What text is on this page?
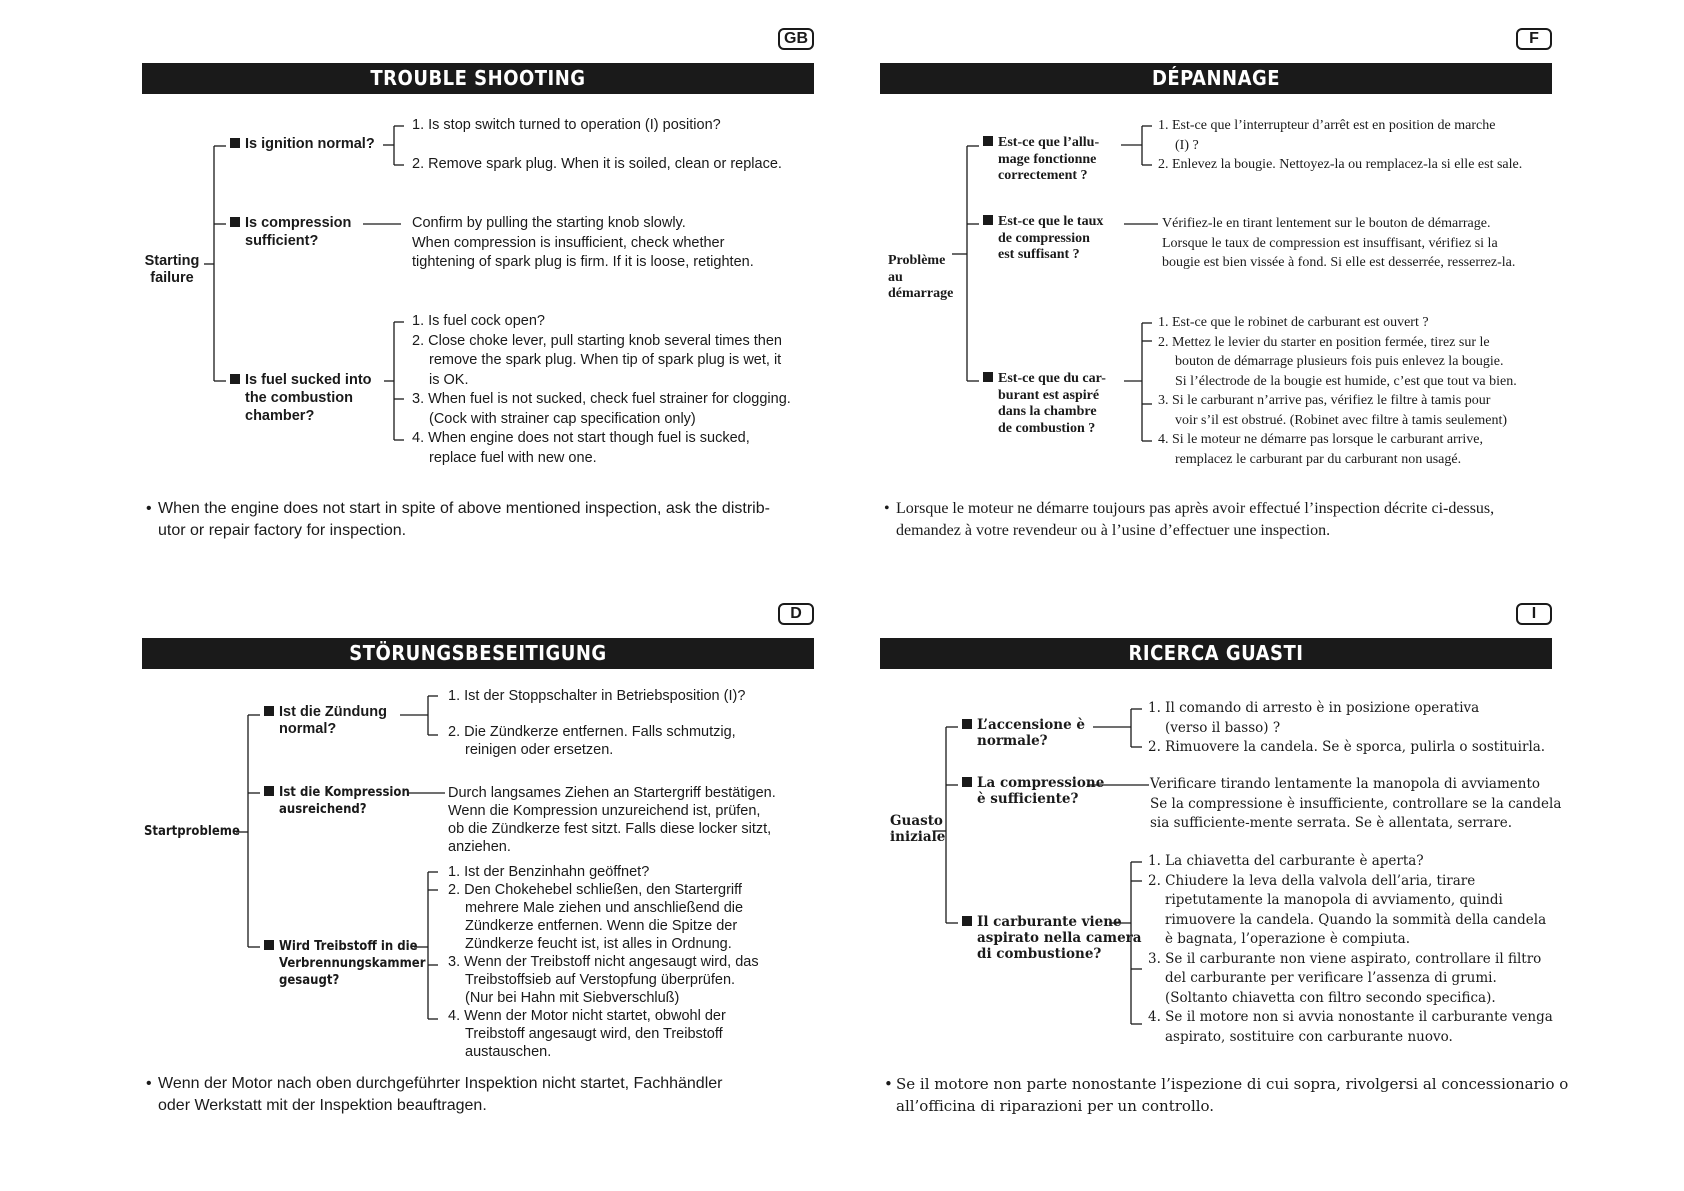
GB
TROUBLE SHOOTING
Starting
failure
Is ignition normal?
1. Is stop switch turned to operation (I) position?
2. Remove spark plug. When it is soiled, clean or replace.
Is compression
sufficient?
Confirm by pulling the starting knob slowly.
When compression is insufficient, check whether
tightening of spark plug is firm. If it is loose, retighten.
Is fuel sucked into
the combustion
chamber?
1. Is fuel cock open?
2. Close choke lever, pull starting knob several times then
remove the spark plug. When tip of spark plug is wet, it
is OK.
3. When fuel is not sucked, check fuel strainer for clogging.
(Cock with strainer cap specification only)
4. When engine does not start though fuel is sucked,
replace fuel with new one.
• When the engine does not start in spite of above mentioned inspection, ask the distrib-
utor or repair factory for inspection.
F
DÉPANNAGE
Problème
au
démarrage
Est-ce que l’allu-
mage fonctionne
correctement ?
1. Est-ce que l’interrupteur d’arrêt est en position de marche
(I) ?
2. Enlevez la bougie. Nettoyez-la ou remplacez-la si elle est sale.
Est-ce que le taux
de compression
est suffisant ?
Vérifiez-le en tirant lentement sur le bouton de démarrage.
Lorsque le taux de compression est insuffisant, vérifiez si la
bougie est bien vissée à fond. Si elle est desserrée, resserrez-la.
Est-ce que du car-
burant est aspiré
dans la chambre
de combustion ?
1. Est-ce que le robinet de carburant est ouvert ?
2. Mettez le levier du starter en position fermée, tirez sur le
bouton de démarrage plusieurs fois puis enlevez la bougie.
Si l’électrode de la bougie est humide, c’est que tout va bien.
3. Si le carburant n’arrive pas, vérifiez le filtre à tamis pour
voir s’il est obstrué. (Robinet avec filtre à tamis seulement)
4. Si le moteur ne démarre pas lorsque le carburant arrive,
remplacez le carburant par du carburant non usagé.
• Lorsque le moteur ne démarre toujours pas après avoir effectué l’inspection décrite ci-dessus,
demandez à votre revendeur ou à l’usine d’effectuer une inspection.
D
STÖRUNGSBESEITIGUNG
Startprobleme
Ist die Zündung
normal?
1. Ist der Stoppschalter in Betriebsposition (I)?
2. Die Zündkerze entfernen. Falls schmutzig,
reinigen oder ersetzen.
Ist die Kompression
ausreichend?
Durch langsames Ziehen an Startergriff bestätigen.
Wenn die Kompression unzureichend ist, prüfen,
ob die Zündkerze fest sitzt. Falls diese locker sitzt,
anziehen.
Wird Treibstoff in die
Verbrennungskammer
gesaugt?
1. Ist der Benzinhahn geöffnet?
2. Den Chokehebel schließen, den Startergriff
mehrere Male ziehen und anschließend die
Zündkerze entfernen. Wenn die Spitze der
Zündkerze feucht ist, ist alles in Ordnung.
3. Wenn der Treibstoff nicht angesaugt wird, das
Treibstoffsieb auf Verstopfung überprüfen.
(Nur bei Hahn mit Siebverschluß)
4. Wenn der Motor nicht startet, obwohl der
Treibstoff angesaugt wird, den Treibstoff
austauschen.
• Wenn der Motor nach oben durchgeführter Inspektion nicht startet, Fachhändler
oder Werkstatt mit der Inspektion beauftragen.
I
RICERCA GUASTI
Guasto
iniziale
L’accensione è
normale?
1. Il comando di arresto è in posizione operativa
(verso il basso) ?
2. Rimuovere la candela. Se è sporca, pulirla o sostituirla.
La compressione
è sufficiente?
Verificare tirando lentamente la manopola di avviamento
Se la compressione è insufficiente, controllare se la candela
sia sufficiente-mente serrata. Se è allentata, serrare.
Il carburante viene
aspirato nella camera
di combustione?
1. La chiavetta del carburante è aperta?
2. Chiudere la leva della valvola dell’aria, tirare
ripetutamente la manopola di avviamento, quindi
rimuovere la candela. Quando la sommità della candela
è bagnata, l’operazione è compiuta.
3. Se il carburante non viene aspirato, controllare il filtro
del carburante per verificare l’assenza di grumi.
(Soltanto chiavetta con filtro secondo specifica).
4. Se il motore non si avvia nonostante il carburante venga
aspirato, sostituire con carburante nuovo.
• Se il motore non parte nonostante l’ispezione di cui sopra, rivolgersi al concessionario o
all’officina di riparazioni per un controllo.
